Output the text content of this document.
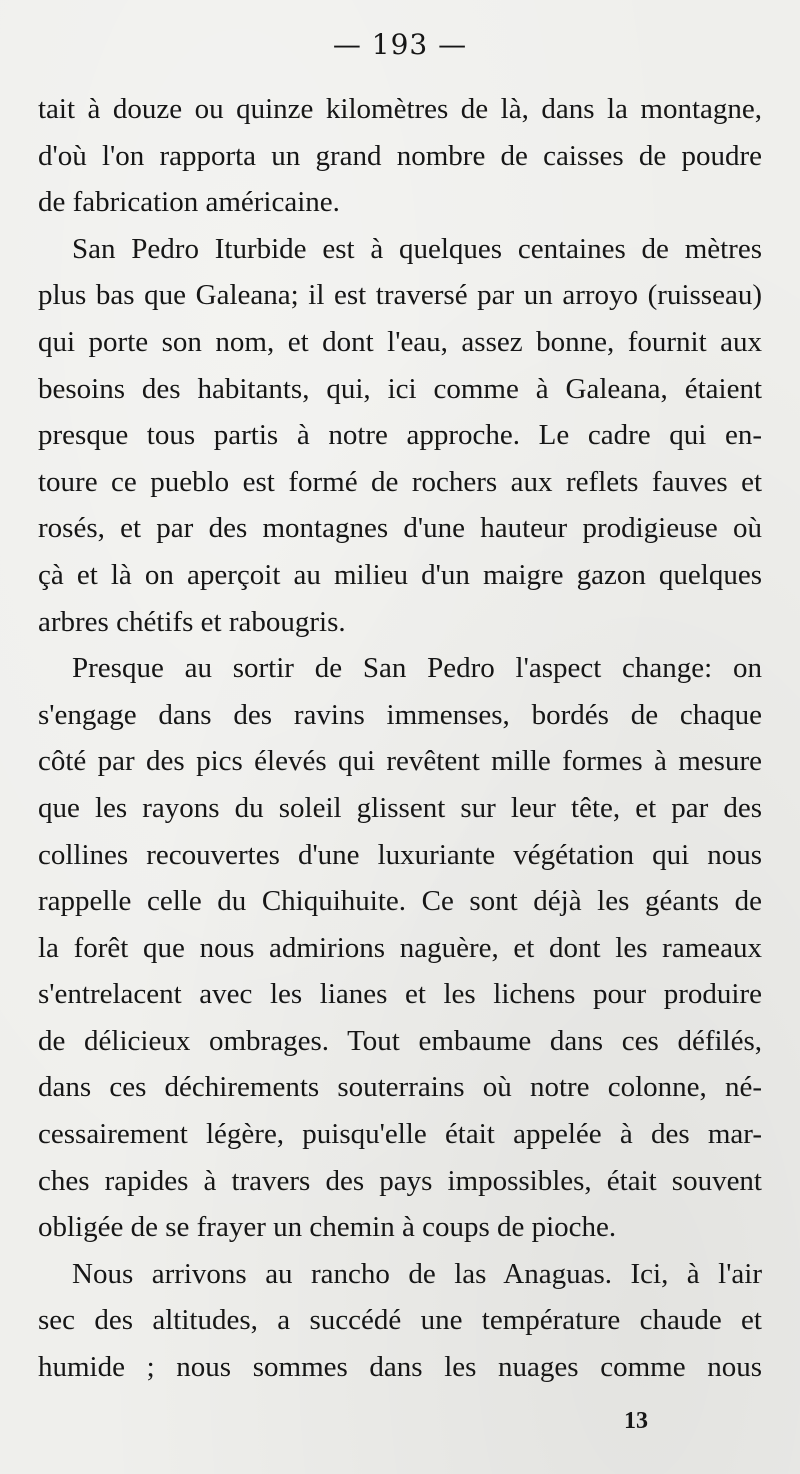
— 193 —
tait à douze ou quinze kilomètres de là, dans la montagne,
d'où l'on rapporta un grand nombre de caisses de poudre
de fabrication américaine.
San Pedro Iturbide est à quelques centaines de mètres
plus bas que Galeana; il est traversé par un arroyo (ruisseau)
qui porte son nom, et dont l'eau, assez bonne, fournit aux
besoins des habitants, qui, ici comme à Galeana, étaient
presque tous partis à notre approche. Le cadre qui en-
toure ce pueblo est formé de rochers aux reflets fauves et
rosés, et par des montagnes d'une hauteur prodigieuse où
çà et là on aperçoit au milieu d'un maigre gazon quelques
arbres chétifs et rabougris.
Presque au sortir de San Pedro l'aspect change: on
s'engage dans des ravins immenses, bordés de chaque
côté par des pics élevés qui revêtent mille formes à mesure
que les rayons du soleil glissent sur leur tête, et par des
collines recouvertes d'une luxuriante végétation qui nous
rappelle celle du Chiquihuite. Ce sont déjà les géants de
la forêt que nous admirions naguère, et dont les rameaux
s'entrelacent avec les lianes et les lichens pour produire
de délicieux ombrages. Tout embaume dans ces défilés,
dans ces déchirements souterrains où notre colonne, né-
cessairement légère, puisqu'elle était appelée à des mar-
ches rapides à travers des pays impossibles, était souvent
obligée de se frayer un chemin à coups de pioche.
Nous arrivons au rancho de las Anaguas. Ici, à l'air
sec des altitudes, a succédé une température chaude et
humide ; nous sommes dans les nuages comme nous
13
